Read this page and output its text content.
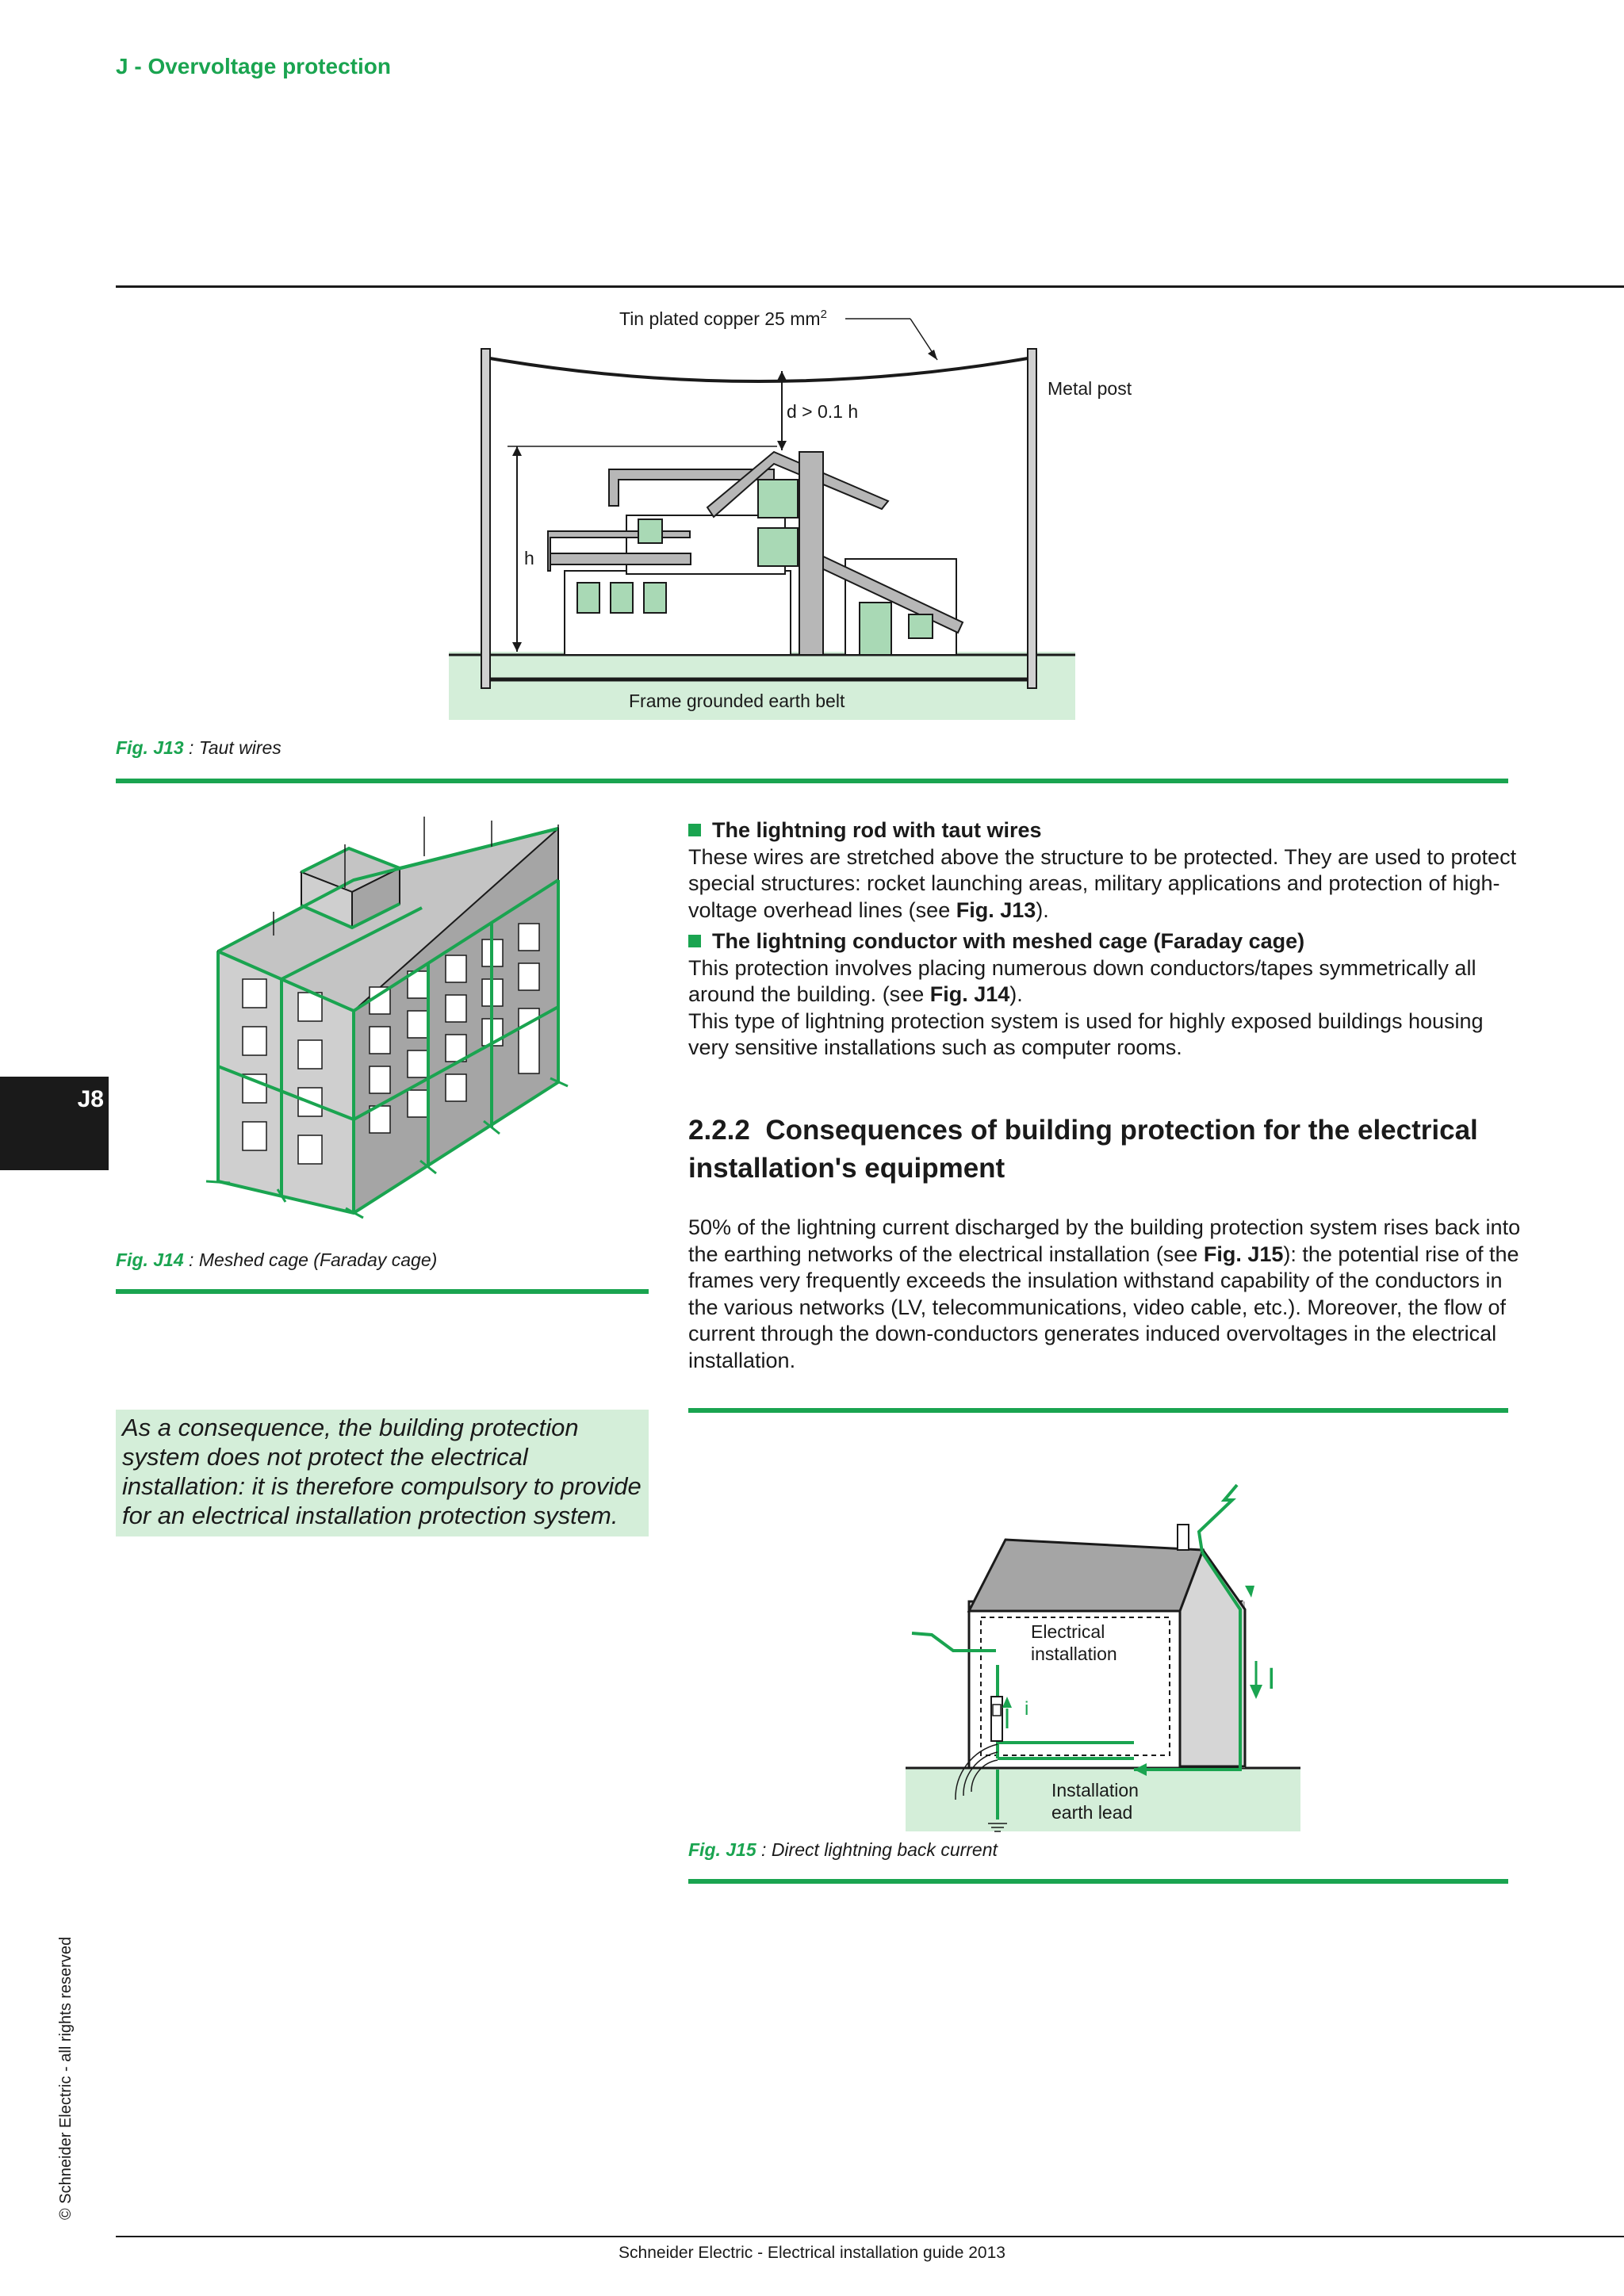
J - Overvoltage protection
Tin plated copper 25 $mm^2$
Metal post
d > 0.1 h
h
Frame grounded earth belt
Fig. J13 : Taut wires
Fig. J14 : Meshed cage (Faraday cage)

The lightning rod with taut wires

These wires are stretched above the structure to be protected. They are used to protect special structures: rocket launching areas, military applications and protection of high-voltage overhead lines (see Fig. J13).

The lightning conductor with meshed cage (Faraday cage)

This protection involves placing numerous down conductors/tapes symmetrically all around the building. (see Fig. J14).

This type of lightning protection system is used for highly exposed buildings housing very sensitive installations such as computer rooms.

2.2.2 Consequences of building protection for the electrical installation's equipment

50% of the lightning current discharged by the building protection system rises back into the earthing networks of the electrical installation (see Fig. J15): the potential rise of the frames very frequently exceeds the insulation withstand capability of the conductors in the various networks (LV, telecommunications, video cable, etc.). Moreover, the flow of current through the down-conductors generates induced overvoltages in the electrical installation.

As a consequence, the building protection system does not protect the electrical installation: it is therefore compulsory to provide for an electrical installation protection system.
J8
Electrical
installation
I
i
Installation
earth lead
Fig. J15 : Direct lightning back current
© Schneider Electric - all rights reserved
Schneider Electric - Electrical installation guide 2013
